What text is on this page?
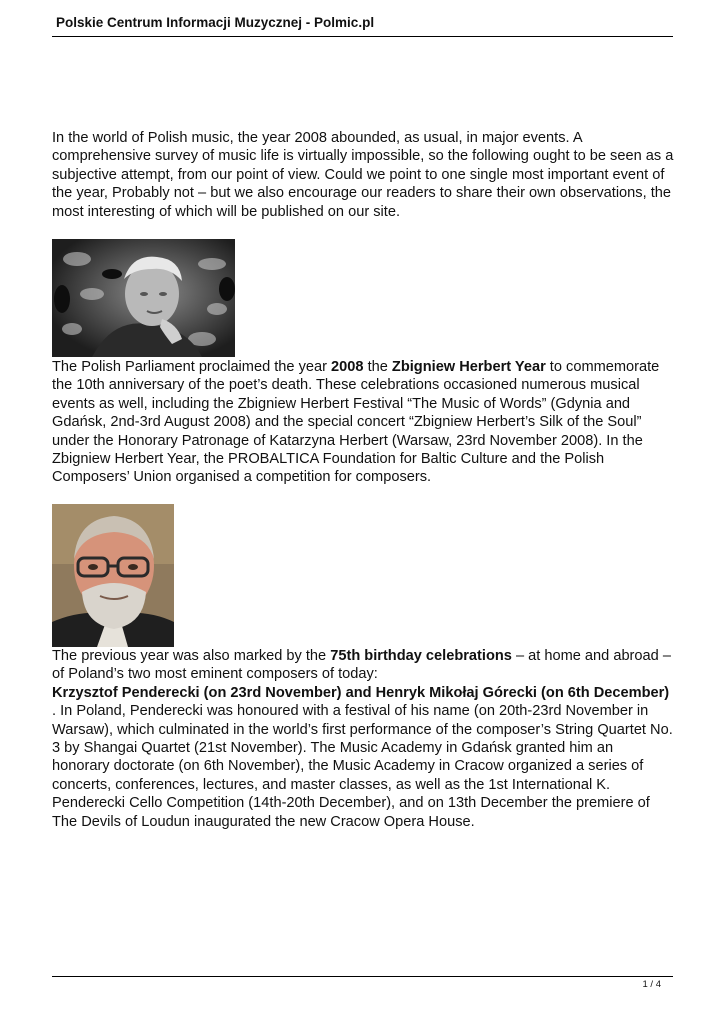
Polskie Centrum Informacji Muzycznej - Polmic.pl

In the world of Polish music, the year 2008 abounded, as usual, in major events. A comprehensive survey of music life is virtually impossible, so the following ought to be seen as a subjective attempt, from our point of view. Could we point to one single most important event of the year, Probably not – but we also encourage our readers to share their own observations, the most interesting of which will be published on our site.

The Polish Parliament proclaimed the year 2008 the Zbigniew Herbert Year to commemorate the 10th anniversary of the poet’s death. These celebrations occasioned numerous musical events as well, including the Zbigniew Herbert Festival “The Music of Words” (Gdynia and Gdańsk, 2nd-3rd August 2008) and the special concert “Zbigniew Herbert’s Silk of the Soul” under the Honorary Patronage of Katarzyna Herbert (Warsaw, 23rd November 2008). In the Zbigniew Herbert Year, the PROBALTICA Foundation for Baltic Culture and the Polish Composers’ Union organised a competition for composers.

The previous year was also marked by the 75th birthday celebrations – at home and abroad – of Poland’s two most eminent composers of today:
Krzysztof Penderecki (on 23rd November) and Henryk Mikołaj Górecki (on 6th December)
. In Poland, Penderecki was honoured with a festival of his name (on 20th-23rd November in Warsaw), which culminated in the world’s first performance of the composer’s String Quartet No. 3 by Shangai Quartet (21st November). The Music Academy in Gdańsk granted him an honorary doctorate (on 6th November), the Music Academy in Cracow organized a series of concerts, conferences, lectures, and master classes, as well as the 1st International K. Penderecki Cello Competition (14th-20th December), and on 13th December the premiere of The Devils of Loudun inaugurated the new Cracow Opera House.

1 / 4
